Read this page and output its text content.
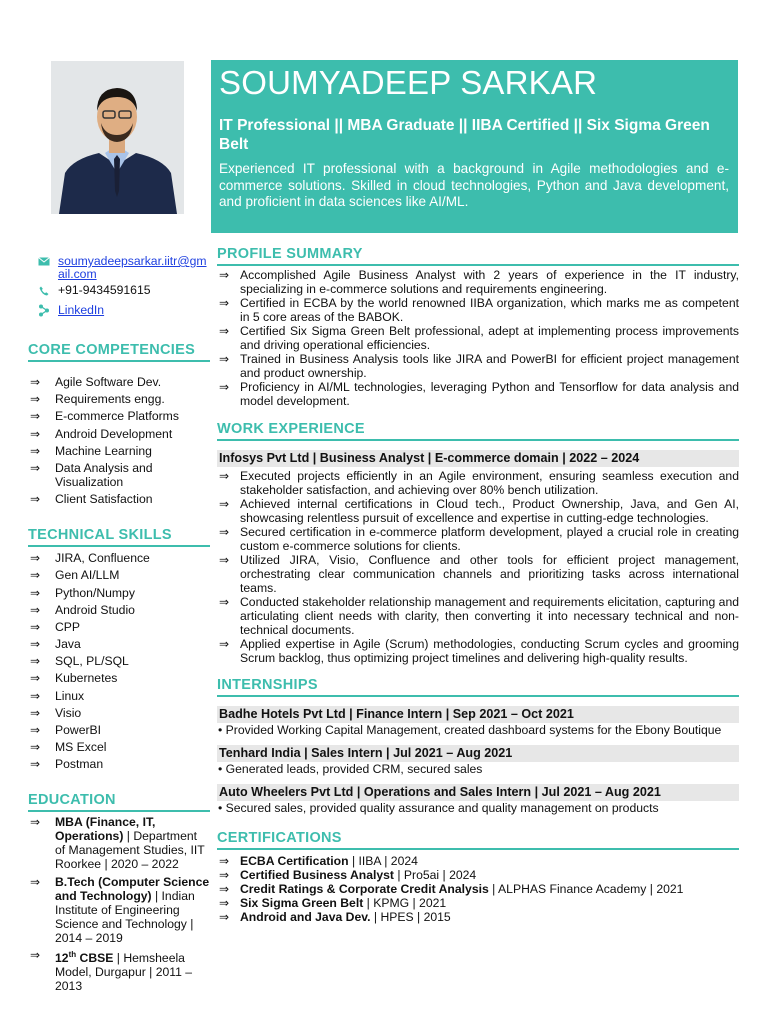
SOUMYADEEP SARKAR
IT Professional || MBA Graduate || IIBA Certified || Six Sigma Green Belt
Experienced IT professional with a background in Agile methodologies and e-commerce solutions. Skilled in cloud technologies, Python and Java development, and proficient in data sciences like AI/ML.
soumyadeepsarkar.iitr@gmail.com
+91-9434591615
LinkedIn
CORE COMPETENCIES
⇒	Agile Software Dev.
⇒	Requirements engg.
⇒	E-commerce Platforms
⇒	Android Development
⇒	Machine Learning
⇒	Data Analysis and Visualization
⇒	Client Satisfaction
TECHNICAL SKILLS
⇒	JIRA, Confluence
⇒	Gen AI/LLM
⇒	Python/Numpy
⇒	Android Studio
⇒	CPP
⇒	Java
⇒	SQL, PL/SQL
⇒	Kubernetes
⇒	Linux
⇒	Visio
⇒	PowerBI
⇒	MS Excel
⇒	Postman
EDUCATION
⇒	MBA (Finance, IT, Operations) | Department of Management Studies, IIT Roorkee | 2020 – 2022
⇒	B.Tech (Computer Science and Technology) | Indian Institute of Engineering Science and Technology | 2014 – 2019
⇒	12th CBSE | Hemsheela Model, Durgapur | 2011 – 2013
PROFILE SUMMARY
⇒ Accomplished Agile Business Analyst with 2 years of experience in the IT industry, specializing in e-commerce solutions and requirements engineering.
⇒ Certified in ECBA by the world renowned IIBA organization, which marks me as competent in 5 core areas of the BABOK.
⇒ Certified Six Sigma Green Belt professional, adept at implementing process improvements and driving operational efficiencies.
⇒ Trained in Business Analysis tools like JIRA and PowerBI for efficient project management and product ownership.
⇒ Proficiency in AI/ML technologies, leveraging Python and Tensorflow for data analysis and model development.
WORK EXPERIENCE
Infosys Pvt Ltd | Business Analyst | E-commerce domain | 2022 – 2024
⇒ Executed projects efficiently in an Agile environment, ensuring seamless execution and stakeholder satisfaction, and achieving over 80% bench utilization.
⇒ Achieved internal certifications in Cloud tech., Product Ownership, Java, and Gen AI, showcasing relentless pursuit of excellence and expertise in cutting-edge technologies.
⇒ Secured certification in e-commerce platform development, played a crucial role in creating custom e-commerce solutions for clients.
⇒ Utilized JIRA, Visio, Confluence and other tools for efficient project management, orchestrating clear communication channels and prioritizing tasks across international teams.
⇒ Conducted stakeholder relationship management and requirements elicitation, capturing and articulating client needs with clarity, then converting it into necessary technical and non-technical documents.
⇒ Applied expertise in Agile (Scrum) methodologies, conducting Scrum cycles and grooming Scrum backlog, thus optimizing project timelines and delivering high-quality results.
INTERNSHIPS
Badhe Hotels Pvt Ltd | Finance Intern | Sep 2021 – Oct 2021
• Provided Working Capital Management, created dashboard systems for the Ebony Boutique
Tenhard India | Sales Intern | Jul 2021 – Aug 2021
• Generated leads, provided CRM, secured sales
Auto Wheelers Pvt Ltd | Operations and Sales Intern | Jul 2021 – Aug 2021
• Secured sales, provided quality assurance and quality management on products
CERTIFICATIONS
⇒ ECBA Certification | IIBA | 2024
⇒ Certified Business Analyst | Pro5ai | 2024
⇒ Credit Ratings & Corporate Credit Analysis | ALPHAS Finance Academy | 2021
⇒ Six Sigma Green Belt | KPMG | 2021
⇒ Android and Java Dev. | HPES | 2015
